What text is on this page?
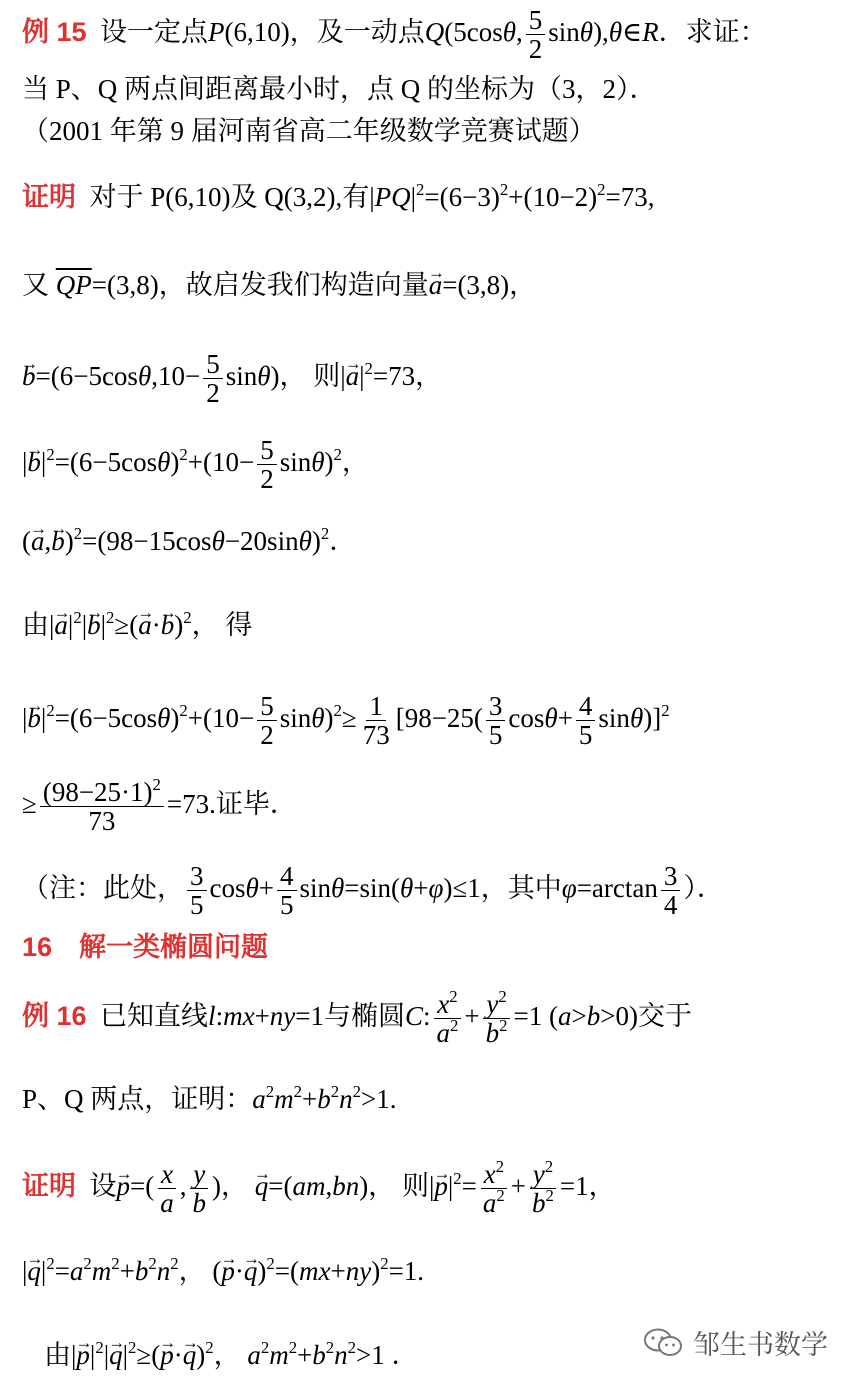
例 15 设一定点P(6,10)，及一动点Q(5cosθ, $\frac{5}{2}$ sinθ),θ∈R．求证：
当 P、Q 两点间距离最小时，点 Q 的坐标为（3，2）．
（2001 年第 9 届河南省高二年级数学竞赛试题）
证明 对于 P(6,10)及 Q(3,2),有$|PQ|^2=(6-3)^2+(10-2)^2=73$,
又 $\overline{QP}=(3,8)$，故启发我们构造向量→ a=(3,8)，
→ $b=(6-5\cos\theta,10- \frac{5}{2} \sin\theta)$， 则|→ $a|^2=73$，
|→ $b|^2=(6-5\cos\theta)^2+(10- \frac{5}{2} \sin\theta)^2$，
(→ $a,\to b)^2=(98-15\cos\theta-20\sin\theta)^2$．
由|→ $a|^2|\to b|^2\ge(\to a\cdot\to b)^2$， 得
|→ $b|^2=(6-5\cos\theta)^2+(10- \frac{5}{2} \sin\theta)^2\ge \frac{1}{73} [98-25( \frac{3}{5} \cos\theta+ \frac{4}{5} \sin\theta)]^2$
≥ $\frac{(98-25\cdot 1)^2}{73} =73$.证毕．
（注：此处， $\frac{3}{5} \cos\theta+ \frac{4}{5} \sin\theta=\sin(\theta+\varphi)\le 1$，其中$\varphi=\arctan \frac{3}{4}$ ）．
16　解一类椭圆问题
例 16 已知直线l:mx+ny=1与椭圆C: $\frac{x^2}{a^2} + \frac{y^2}{b^2} =1$ (a>b>0)交于
P、Q 两点，证明：$a^2m^2+b^2n^2>1$.
证明 设→ $p=( \frac{x}{a}$ , $\frac{y}{b}$ )， → q=(am,bn)， 则|→ $p|^2= \frac{x^2}{a^2} + \frac{y^2}{b^2} =1$，
|→ $q|^2=a^2m^2+b^2n^2$， (→ $p\cdot\to q)^2=(mx+ny)^2=1$.
由|→ $p|^2|\to q|^2\ge(\to p\cdot\to q)^2$， $a^2m^2+b^2n^2>1$ ．	邹生书数学
